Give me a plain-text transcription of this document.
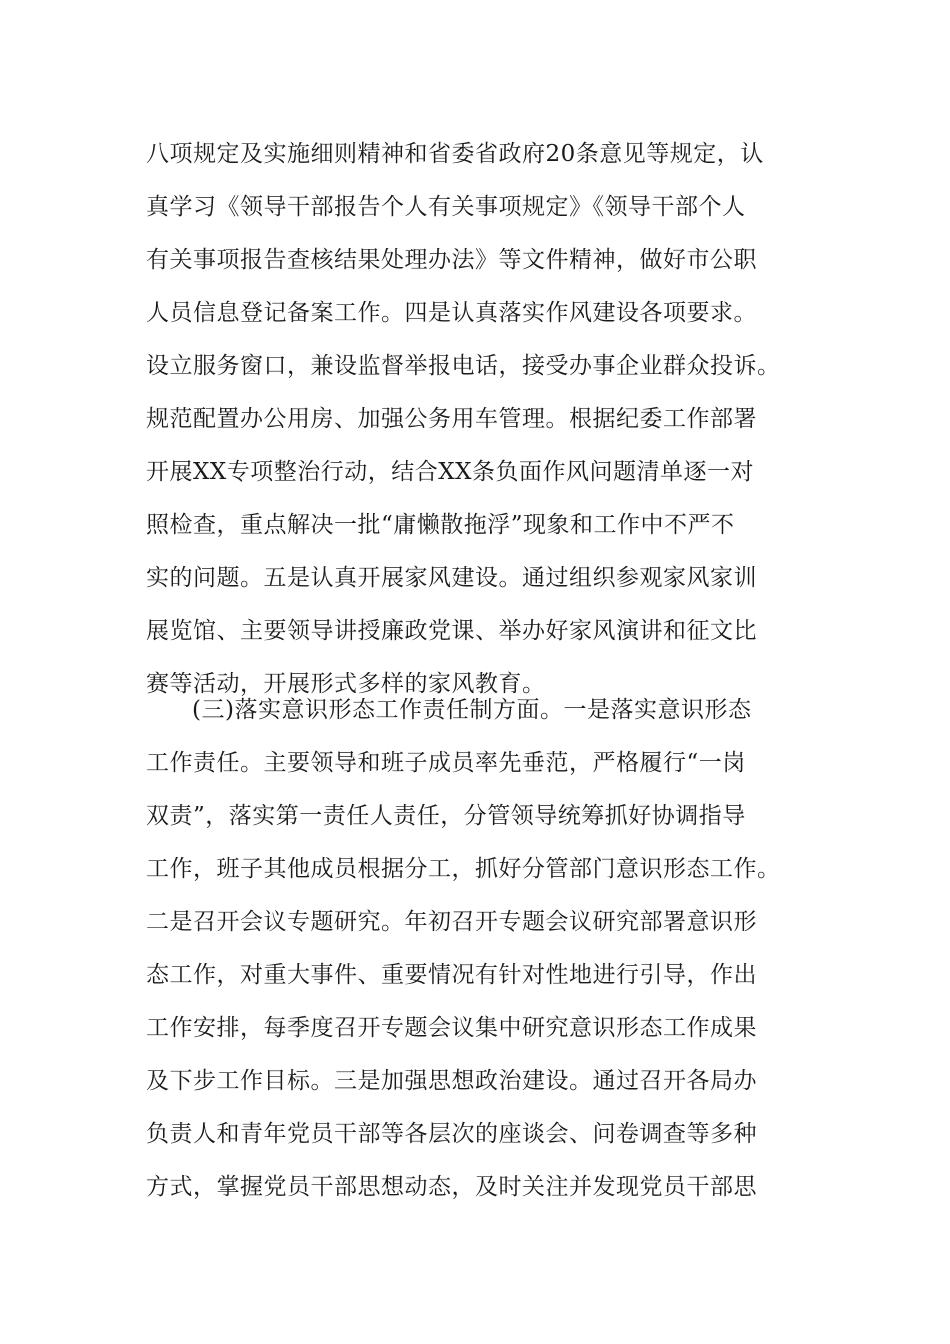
八项规定及实施细则精神和省委省政府20条意见等规定，认
真学习《领导干部报告个人有关事项规定》《领导干部个人
有关事项报告查核结果处理办法》等文件精神，做好市公职
人员信息登记备案工作。四是认真落实作风建设各项要求。
设立服务窗口，兼设监督举报电话，接受办事企业群众投诉。
规范配置办公用房、加强公务用车管理。根据纪委工作部署
开展XX专项整治行动，结合XX条负面作风问题清单逐一对
照检查，重点解决一批“庸懒散拖浮”现象和工作中不严不
实的问题。五是认真开展家风建设。通过组织参观家风家训
展览馆、主要领导讲授廉政党课、举办好家风演讲和征文比
赛等活动，开展形式多样的家风教育。
(三)落实意识形态工作责任制方面。一是落实意识形态
工作责任。主要领导和班子成员率先垂范，严格履行“一岗
双责”，落实第一责任人责任，分管领导统筹抓好协调指导
工作，班子其他成员根据分工，抓好分管部门意识形态工作。
二是召开会议专题研究。年初召开专题会议研究部署意识形
态工作，对重大事件、重要情况有针对性地进行引导，作出
工作安排，每季度召开专题会议集中研究意识形态工作成果
及下步工作目标。三是加强思想政治建设。通过召开各局办
负责人和青年党员干部等各层次的座谈会、问卷调查等多种
方式，掌握党员干部思想动态，及时关注并发现党员干部思
